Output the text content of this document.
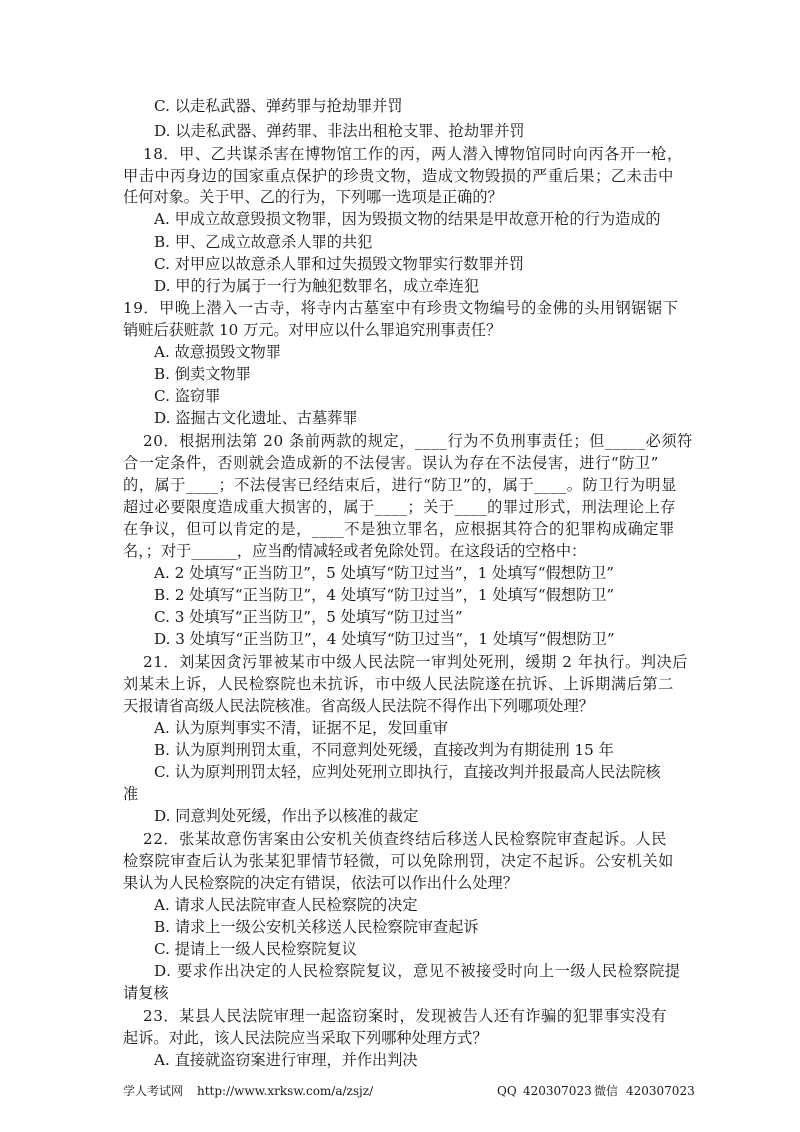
C. 以走私武器、弹药罪与抢劫罪并罚
D. 以走私武器、弹药罪、非法出租枪支罪、抢劫罪并罚
18．甲、乙共谋杀害在博物馆工作的丙，两人潜入博物馆同时向丙各开一枪，
甲击中丙身边的国家重点保护的珍贵文物，造成文物毁损的严重后果；乙未击中
任何对象。关于甲、乙的行为，下列哪一选项是正确的？
A. 甲成立故意毁损文物罪，因为毁损文物的结果是甲故意开枪的行为造成的
B. 甲、乙成立故意杀人罪的共犯
C. 对甲应以故意杀人罪和过失损毁文物罪实行数罪并罚
D. 甲的行为属于一行为触犯数罪名，成立牵连犯
19．甲晚上潜入一古寺，将寺内古墓室中有珍贵文物编号的金佛的头用钢锯锯下
销赃后获赃款 10 万元。对甲应以什么罪追究刑事责任？
A. 故意损毁文物罪
B. 倒卖文物罪
C. 盗窃罪
D. 盗掘古文化遗址、古墓葬罪
20．根据刑法第 20 条前两款的规定，____行为不负刑事责任；但_____必须符
合一定条件，否则就会造成新的不法侵害。误认为存在不法侵害，进行“防卫”
的，属于____；不法侵害已经结束后，进行“防卫”的，属于____。防卫行为明显
超过必要限度造成重大损害的，属于____；关于____的罪过形式，刑法理论上存
在争议，但可以肯定的是，____不是独立罪名，应根据其符合的犯罪构成确定罪
名，；对于______，应当酌情减轻或者免除处罚。在这段话的空格中：
A. 2 处填写“正当防卫”，5 处填写“防卫过当”，1 处填写“假想防卫”
B. 2 处填写“正当防卫”，4 处填写“防卫过当”，1 处填写“假想防卫”
C. 3 处填写“正当防卫”，5 处填写“防卫过当”
D. 3 处填写“正当防卫”，4 处填写“防卫过当”，1 处填写“假想防卫”
21．刘某因贪污罪被某市中级人民法院一审判处死刑，缓期 2 年执行。判决后
刘某未上诉，人民检察院也未抗诉，市中级人民法院遂在抗诉、上诉期满后第二
天报请省高级人民法院核准。省高级人民法院不得作出下列哪项处理？
A. 认为原判事实不清，证据不足，发回重审
B. 认为原判刑罚太重，不同意判处死缓，直接改判为有期徒刑 15 年
C. 认为原判刑罚太轻，应判处死刑立即执行，直接改判并报最高人民法院核
准
D. 同意判处死缓，作出予以核准的裁定
22．张某故意伤害案由公安机关侦查终结后移送人民检察院审查起诉。人民
检察院审查后认为张某犯罪情节轻微，可以免除刑罚，决定不起诉。公安机关如
果认为人民检察院的决定有错误，依法可以作出什么处理？
A. 请求人民法院审查人民检察院的决定
B. 请求上一级公安机关移送人民检察院审查起诉
C. 提请上一级人民检察院复议
D. 要求作出决定的人民检察院复议，意见不被接受时向上一级人民检察院提
请复核
23．某县人民法院审理一起盗窃案时，发现被告人还有诈骗的犯罪事实没有
起诉。对此，该人民法院应当采取下列哪种处理方式？
A. 直接就盗窃案进行审理，并作出判决
学人考试网 http://www.xrksw.com/a/zsjz/	QQ 420307023 微信 420307023
